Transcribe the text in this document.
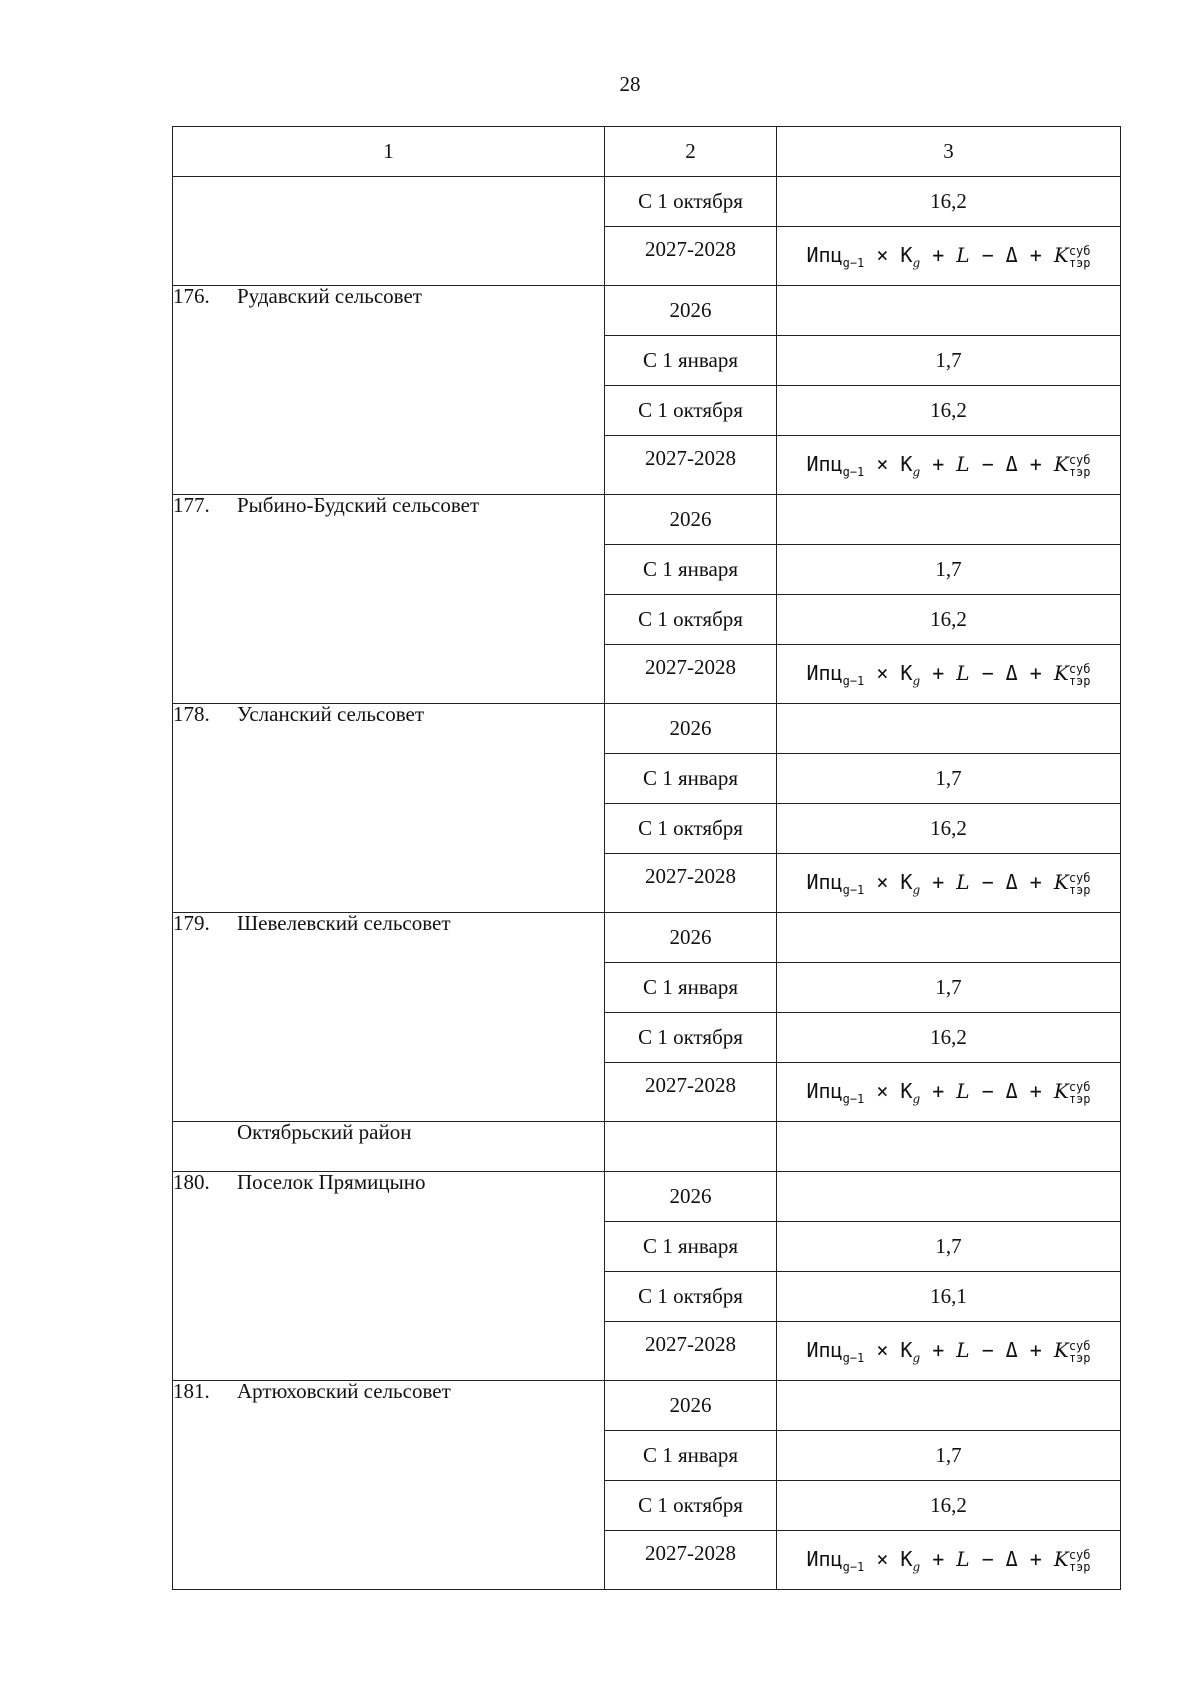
28
1	2	3
	С 1 октября	16,2
	2027-2028	$Ипц_{g-1} \times К_g + L - \Delta + K$ суб
тэр

176. Рудавский сельсовет	2026	
	С 1 января	1,7
	С 1 октября	16,2
	2027-2028	$Ипц_{g-1} \times К_g + L - \Delta + K$ суб
тэр

177. Рыбино-Будский сельсовет	2026	
	С 1 января	1,7
	С 1 октября	16,2
	2027-2028	$Ипц_{g-1} \times К_g + L - \Delta + K$ суб
тэр

178. Усланский сельсовет	2026	
	С 1 января	1,7
	С 1 октября	16,2
	2027-2028	$Ипц_{g-1} \times К_g + L - \Delta + K$ суб
тэр

179. Шевелевский сельсовет	2026	
	С 1 января	1,7
	С 1 октября	16,2
	2027-2028	$Ипц_{g-1} \times К_g + L - \Delta + K$ суб
тэр

Октябрьский район		
180. Поселок Прямицыно	2026	
	С 1 января	1,7
	С 1 октября	16,1
	2027-2028	$Ипц_{g-1} \times К_g + L - \Delta + K$ суб
тэр

181. Артюховский сельсовет	2026	
	С 1 января	1,7
	С 1 октября	16,2
	2027-2028	$Ипц_{g-1} \times К_g + L - \Delta + K$ суб
тэр
